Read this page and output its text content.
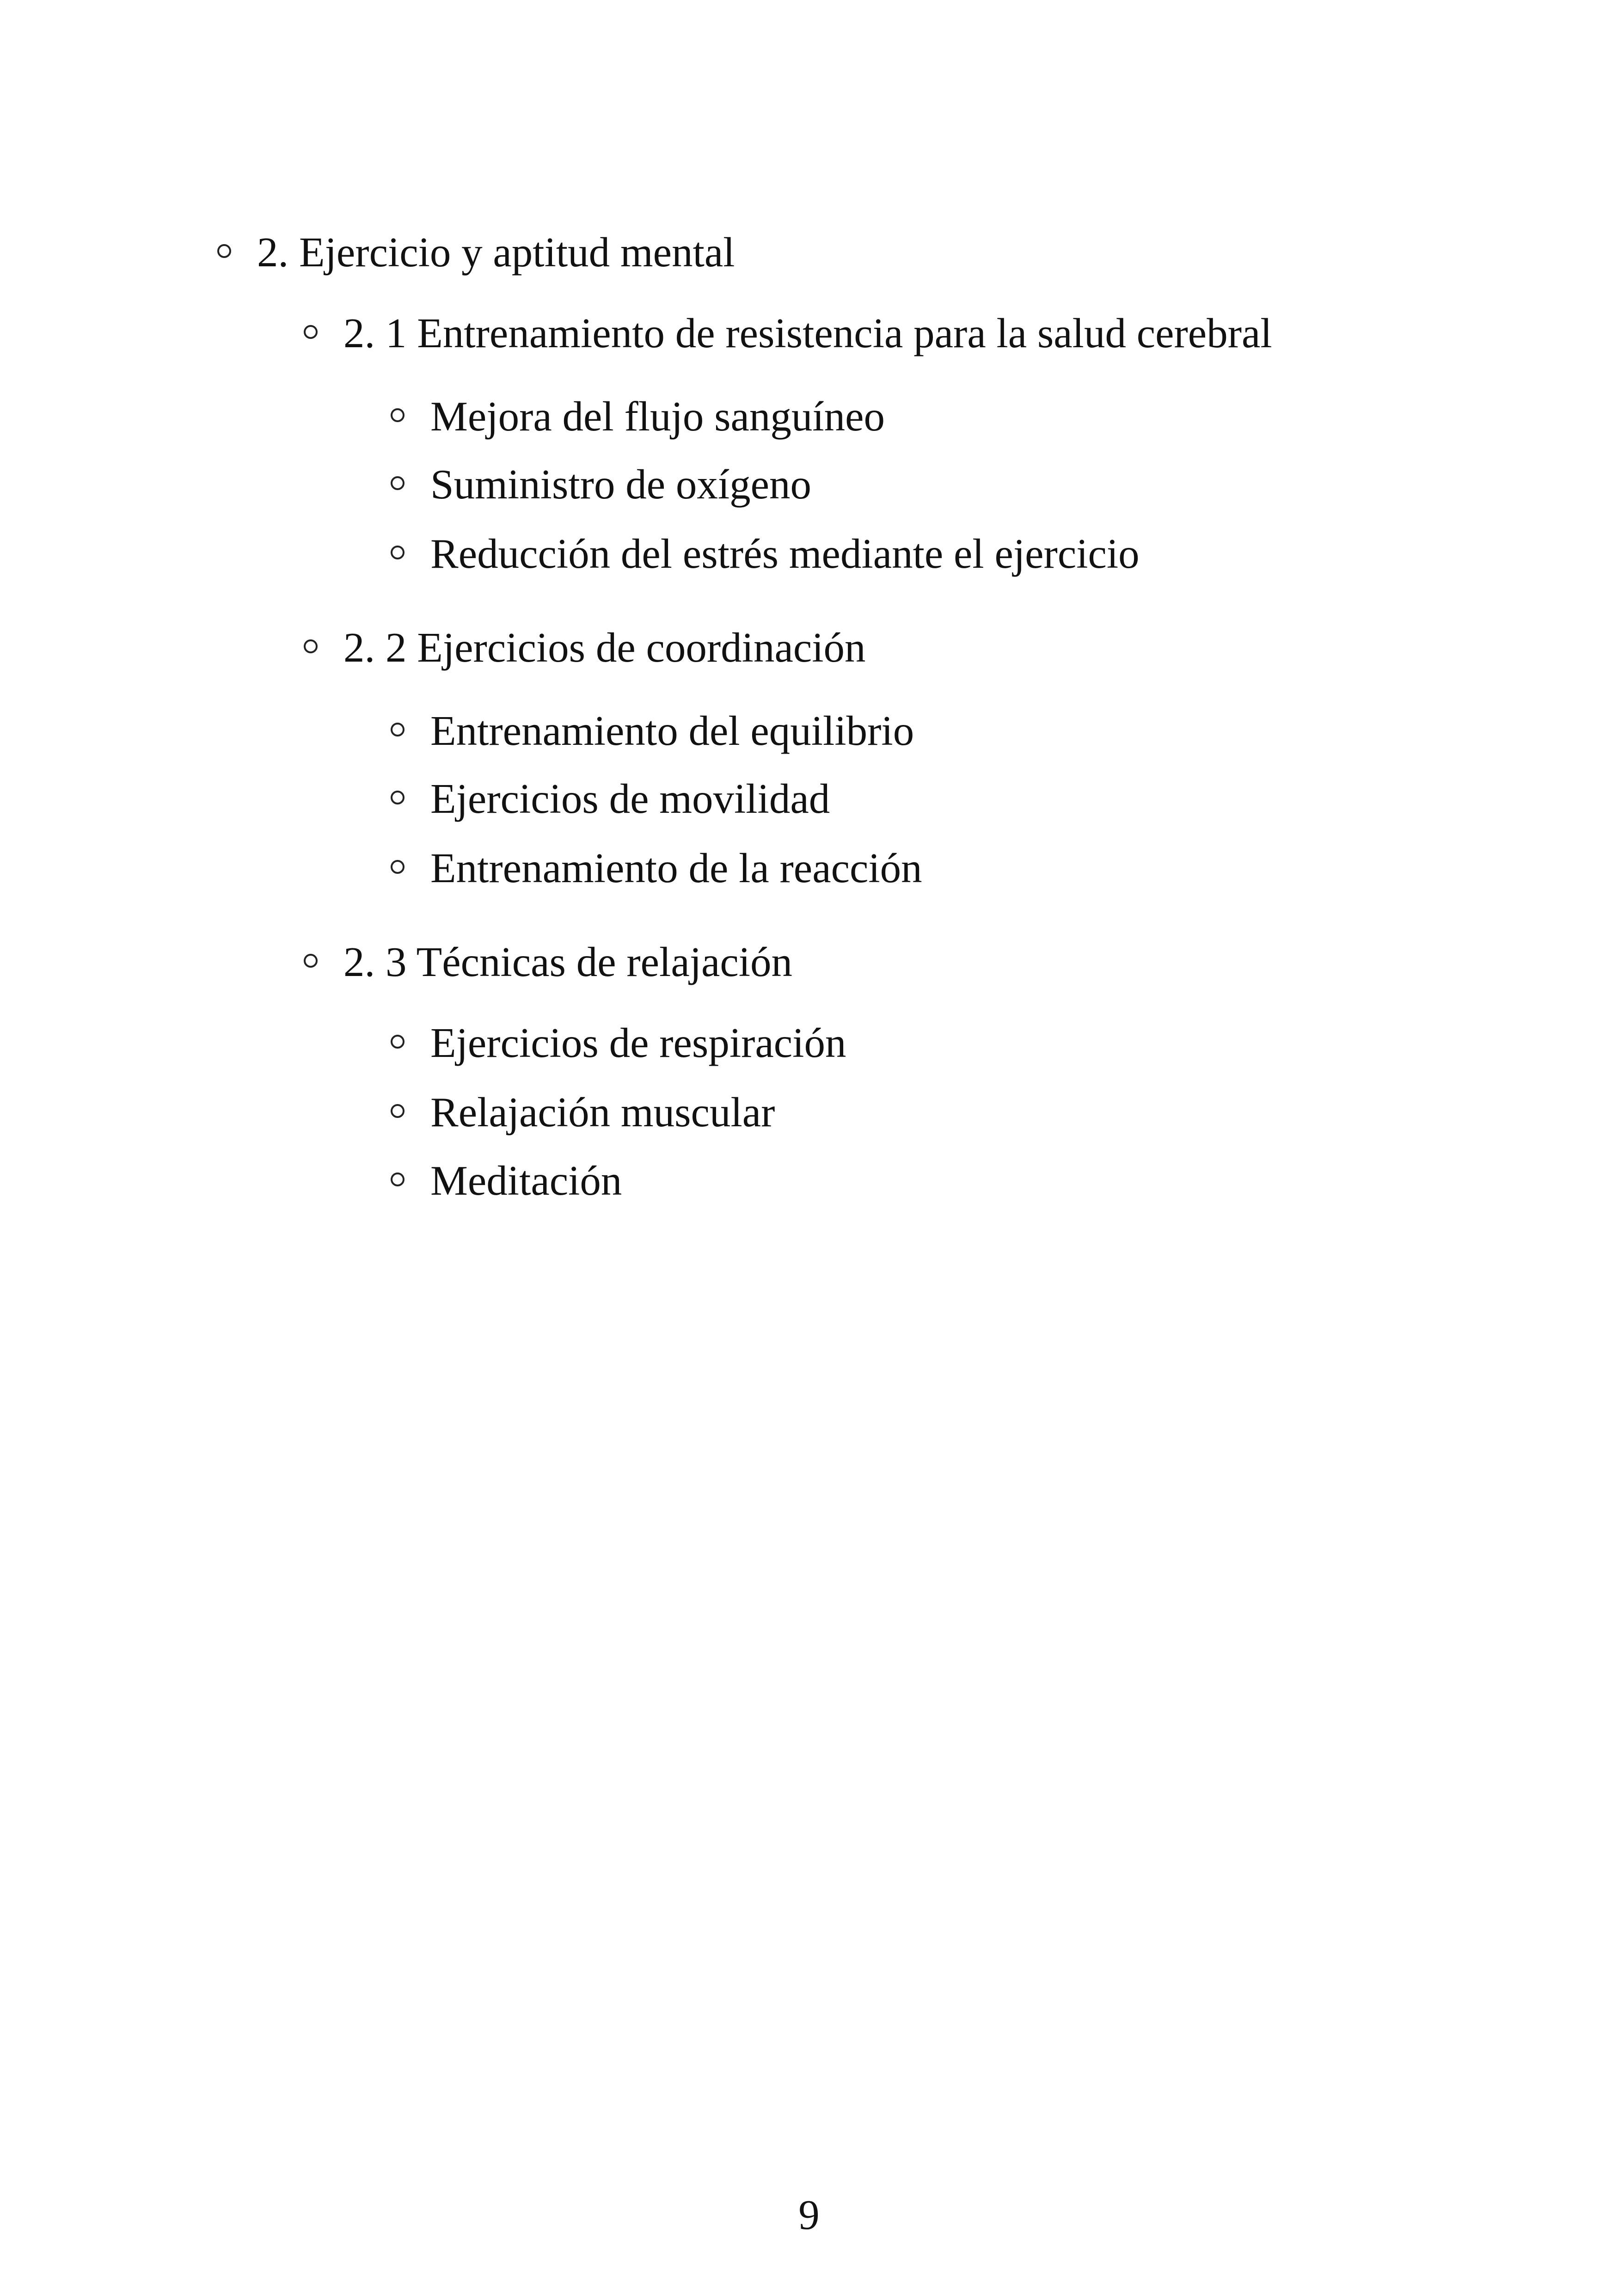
2. Ejercicio y aptitud mental
2. 1 Entrenamiento de resistencia para la salud cerebral
Mejora del flujo sanguíneo
Suministro de oxígeno
Reducción del estrés mediante el ejercicio
2. 2 Ejercicios de coordinación
Entrenamiento del equilibrio
Ejercicios de movilidad
Entrenamiento de la reacción
2. 3 Técnicas de relajación
Ejercicios de respiración
Relajación muscular
Meditación
9
